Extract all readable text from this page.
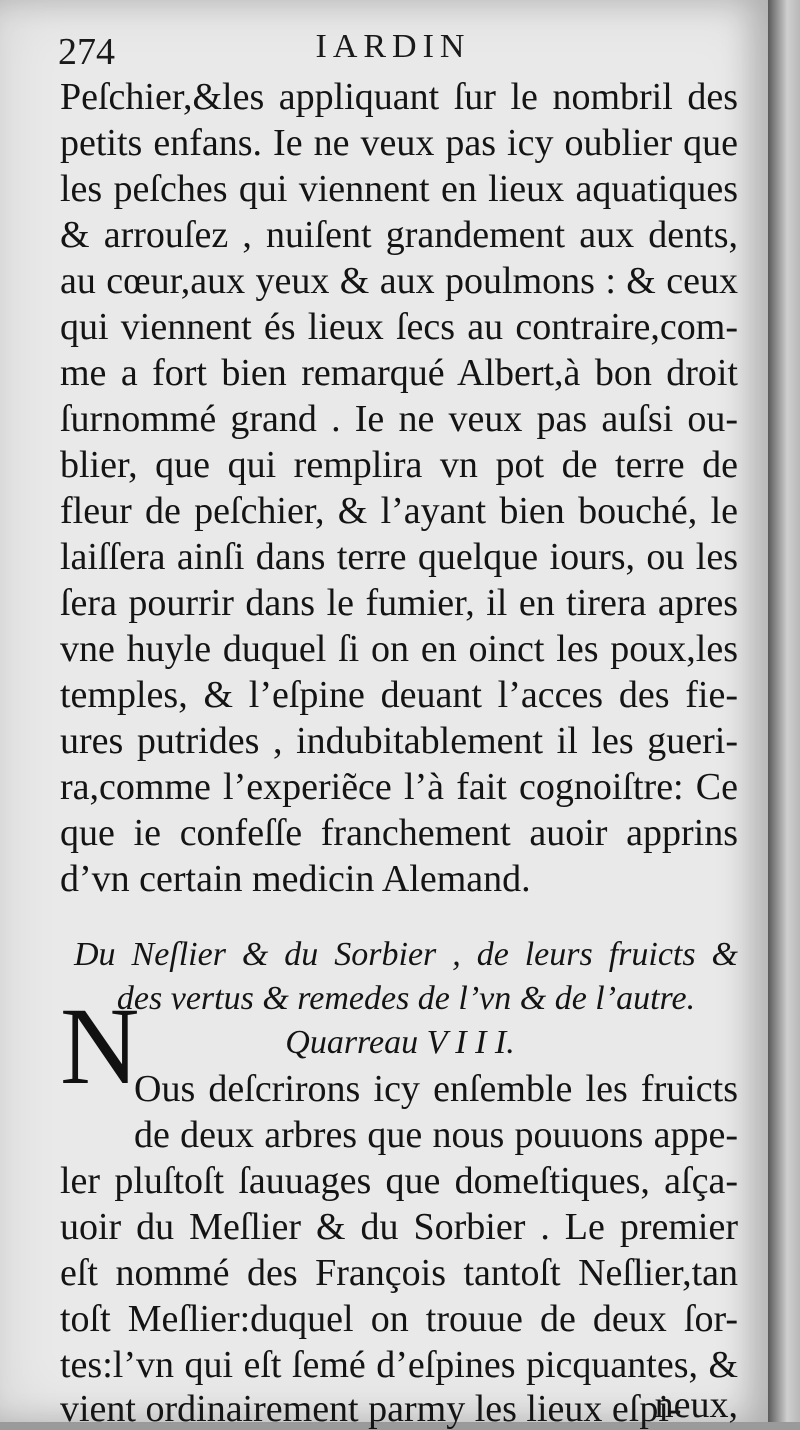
274	IARDIN
Peſchier,&les appliquant ſur le nombril des
petits enfans. Ie ne veux pas icy oublier que
les peſches qui viennent en lieux aquatiques
& arrouſez , nuiſent grandement aux dents,
au cœur,aux yeux & aux poulmons : & ceux
qui viennent és lieux ſecs au contraire,com-
me a fort bien remarqué Albert,à bon droit
ſurnommé grand . Ie ne veux pas auſsi ou-
blier, que qui remplira vn pot de terre de
fleur de peſchier, & l’ayant bien bouché, le
laiſſera ainſi dans terre quelque iours, ou les
ſera pourrir dans le fumier, il en tirera apres
vne huyle duquel ſi on en oinct les poux,les
temples, & l’eſpine deuant l’acces des fie-
ures putrides , indubitablement il les gueri-
ra,comme l’experiẽce l’à fait cognoiſtre: Ce
que ie confeſſe franchement auoir apprins
d’vn certain medicin Alemand.
Du Neſlier & du Sorbier , de leurs fruicts &
des vertus & remedes de l’vn & de l’autre.
Quarreau V I I I.
N
Ous deſcrirons icy enſemble les fruicts
de deux arbres que nous pouuons appe-
ler pluſtoſt ſauuages que domeſtiques, aſça-
uoir du Meſlier & du Sorbier . Le premier
eſt nommé des François tantoſt Neſlier,tan
toſt Meſlier:duquel on trouue de deux ſor-
tes:l’vn qui eſt ſemé d’eſpines picquantes, &
vient ordinairement parmy les lieux eſpi-
neux,
